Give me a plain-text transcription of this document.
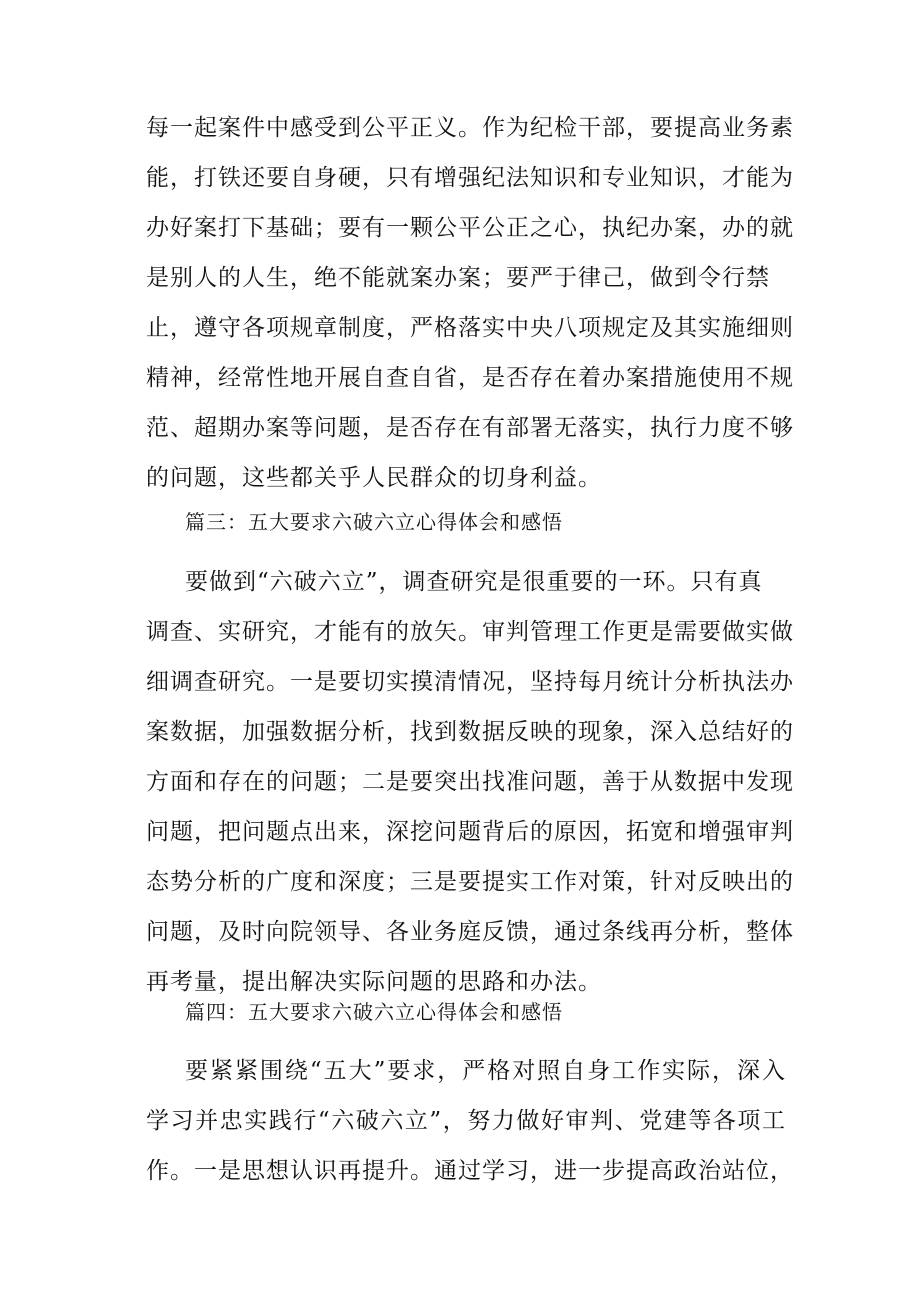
每一起案件中感受到公平正义。作为纪检干部，要提高业务素
能，打铁还要自身硬，只有增强纪法知识和专业知识，才能为
办好案打下基础；要有一颗公平公正之心，执纪办案，办的就
是别人的人生，绝不能就案办案；要严于律己，做到令行禁
止，遵守各项规章制度，严格落实中央八项规定及其实施细则
精神，经常性地开展自查自省，是否存在着办案措施使用不规
范、超期办案等问题，是否存在有部署无落实，执行力度不够
的问题，这些都关乎人民群众的切身利益。
篇三：五大要求六破六立心得体会和感悟
要做到“六破六立”，调查研究是很重要的一环。只有真
调查、实研究，才能有的放矢。审判管理工作更是需要做实做
细调查研究。一是要切实摸清情况，坚持每月统计分析执法办
案数据，加强数据分析，找到数据反映的现象，深入总结好的
方面和存在的问题；二是要突出找准问题，善于从数据中发现
问题，把问题点出来，深挖问题背后的原因，拓宽和增强审判
态势分析的广度和深度；三是要提实工作对策，针对反映出的
问题，及时向院领导、各业务庭反馈，通过条线再分析，整体
再考量，提出解决实际问题的思路和办法。
篇四：五大要求六破六立心得体会和感悟
要紧紧围绕“五大”要求，严格对照自身工作实际，深入
学习并忠实践行“六破六立”，努力做好审判、党建等各项工
作。一是思想认识再提升。通过学习，进一步提高政治站位，
